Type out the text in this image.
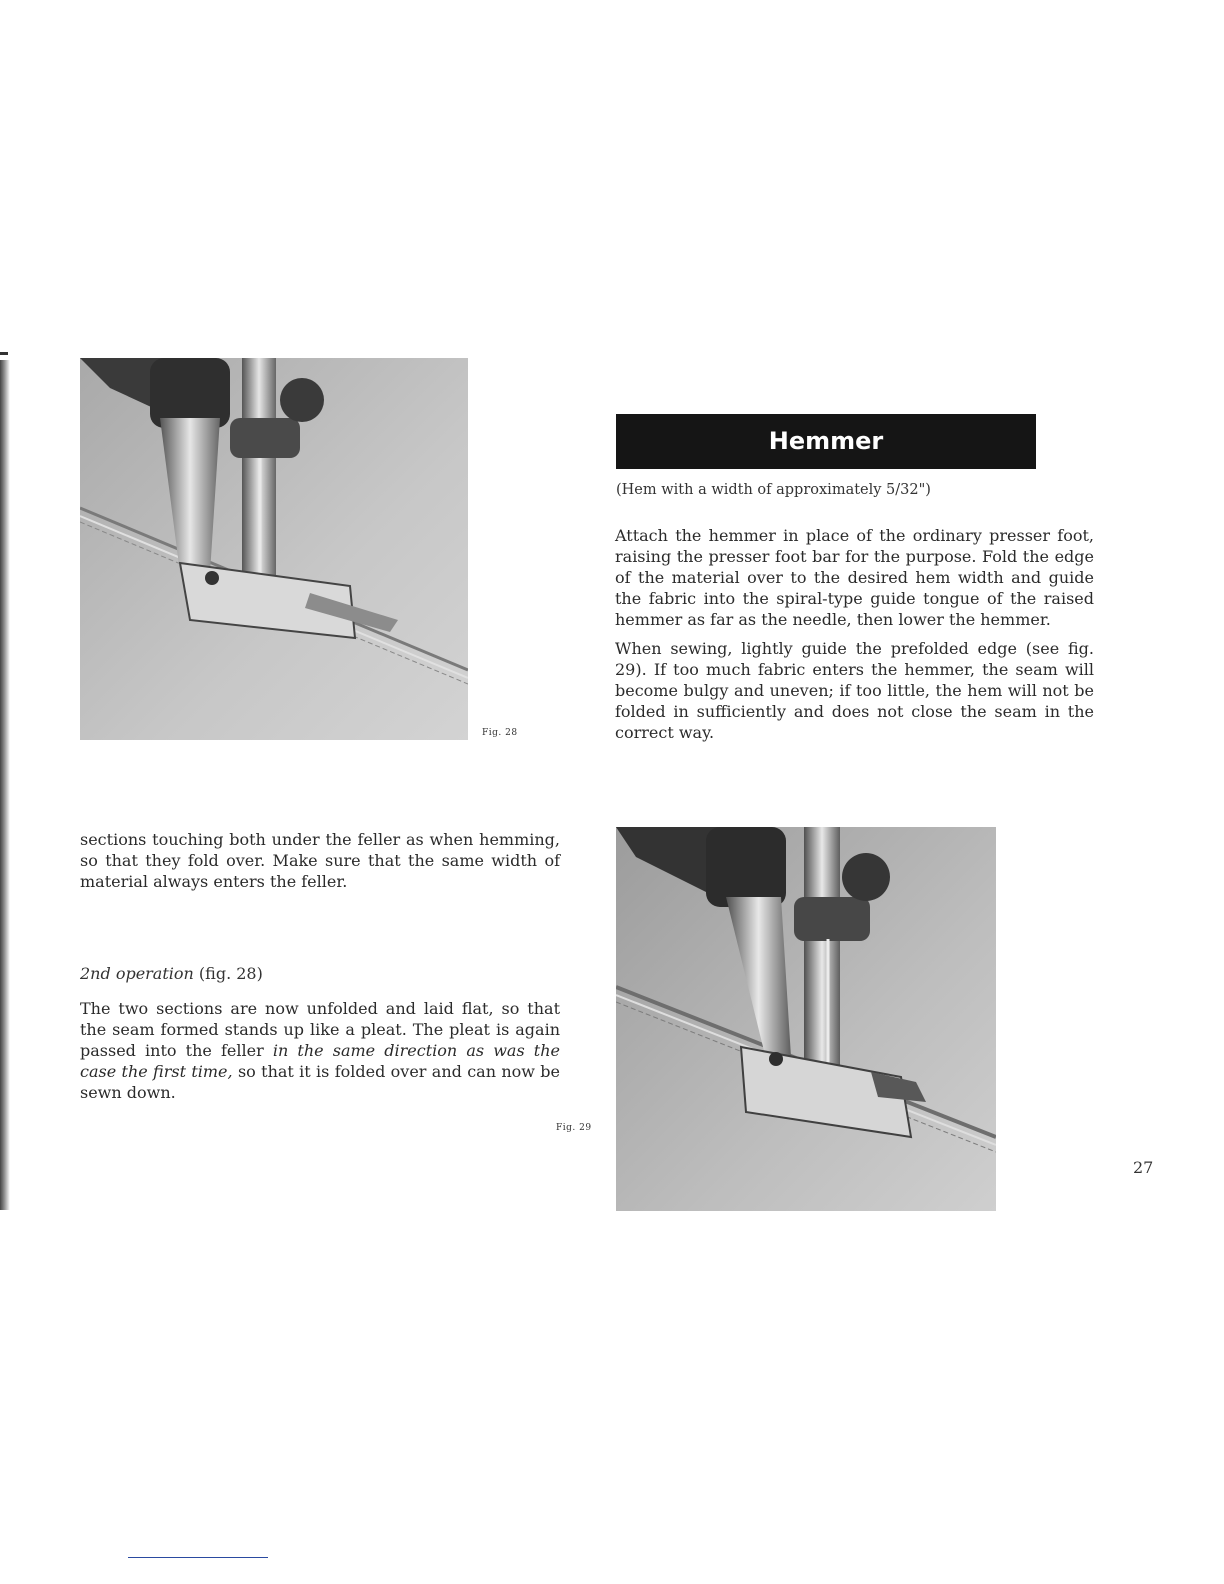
Fig. 28
Hemmer
(Hem with a width of approximately 5/32")

Attach the hemmer in place of the ordinary presser foot, raising the presser foot bar for the purpose. Fold the edge of the material over to the desired hem width and guide the fabric into the spiral-type guide tongue of the raised hemmer as far as the needle, then lower the hemmer.

When sewing, lightly guide the prefolded edge (see fig. 29). If too much fabric enters the hemmer, the seam will become bulgy and uneven; if too little, the hem will not be folded in sufficiently and does not close the seam in the correct way.

sections touching both under the feller as when hemming, so that they fold over. Make sure that the same width of material always enters the feller.
2nd operation (fig. 28)
The two sections are now unfolded and laid flat, so that the seam formed stands up like a pleat. The pleat is again passed into the feller in the same direction as was the case the first time, so that it is folded over and can now be sewn down.
Fig. 29
27
